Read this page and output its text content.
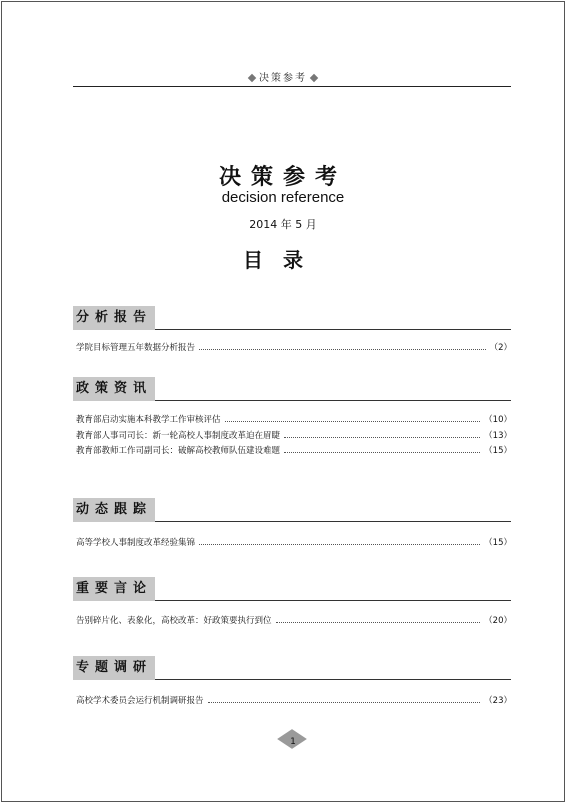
决策参考
决策参考
decision reference
2014 年 5 月
目录
分析报告
学院目标管理五年数据分析报告	（2）
政策资讯
教育部启动实施本科教学工作审核评估	（10）
教育部人事司司长：新一轮高校人事制度改革迫在眉睫	（13）
教育部教师工作司副司长：破解高校教师队伍建设难题	（15）
动态跟踪
高等学校人事制度改革经验集锦	（15）
重要言论
告别碎片化、表象化，高校改革：好政策要执行到位	（20）
专题调研
高校学术委员会运行机制调研报告	（23）
1
